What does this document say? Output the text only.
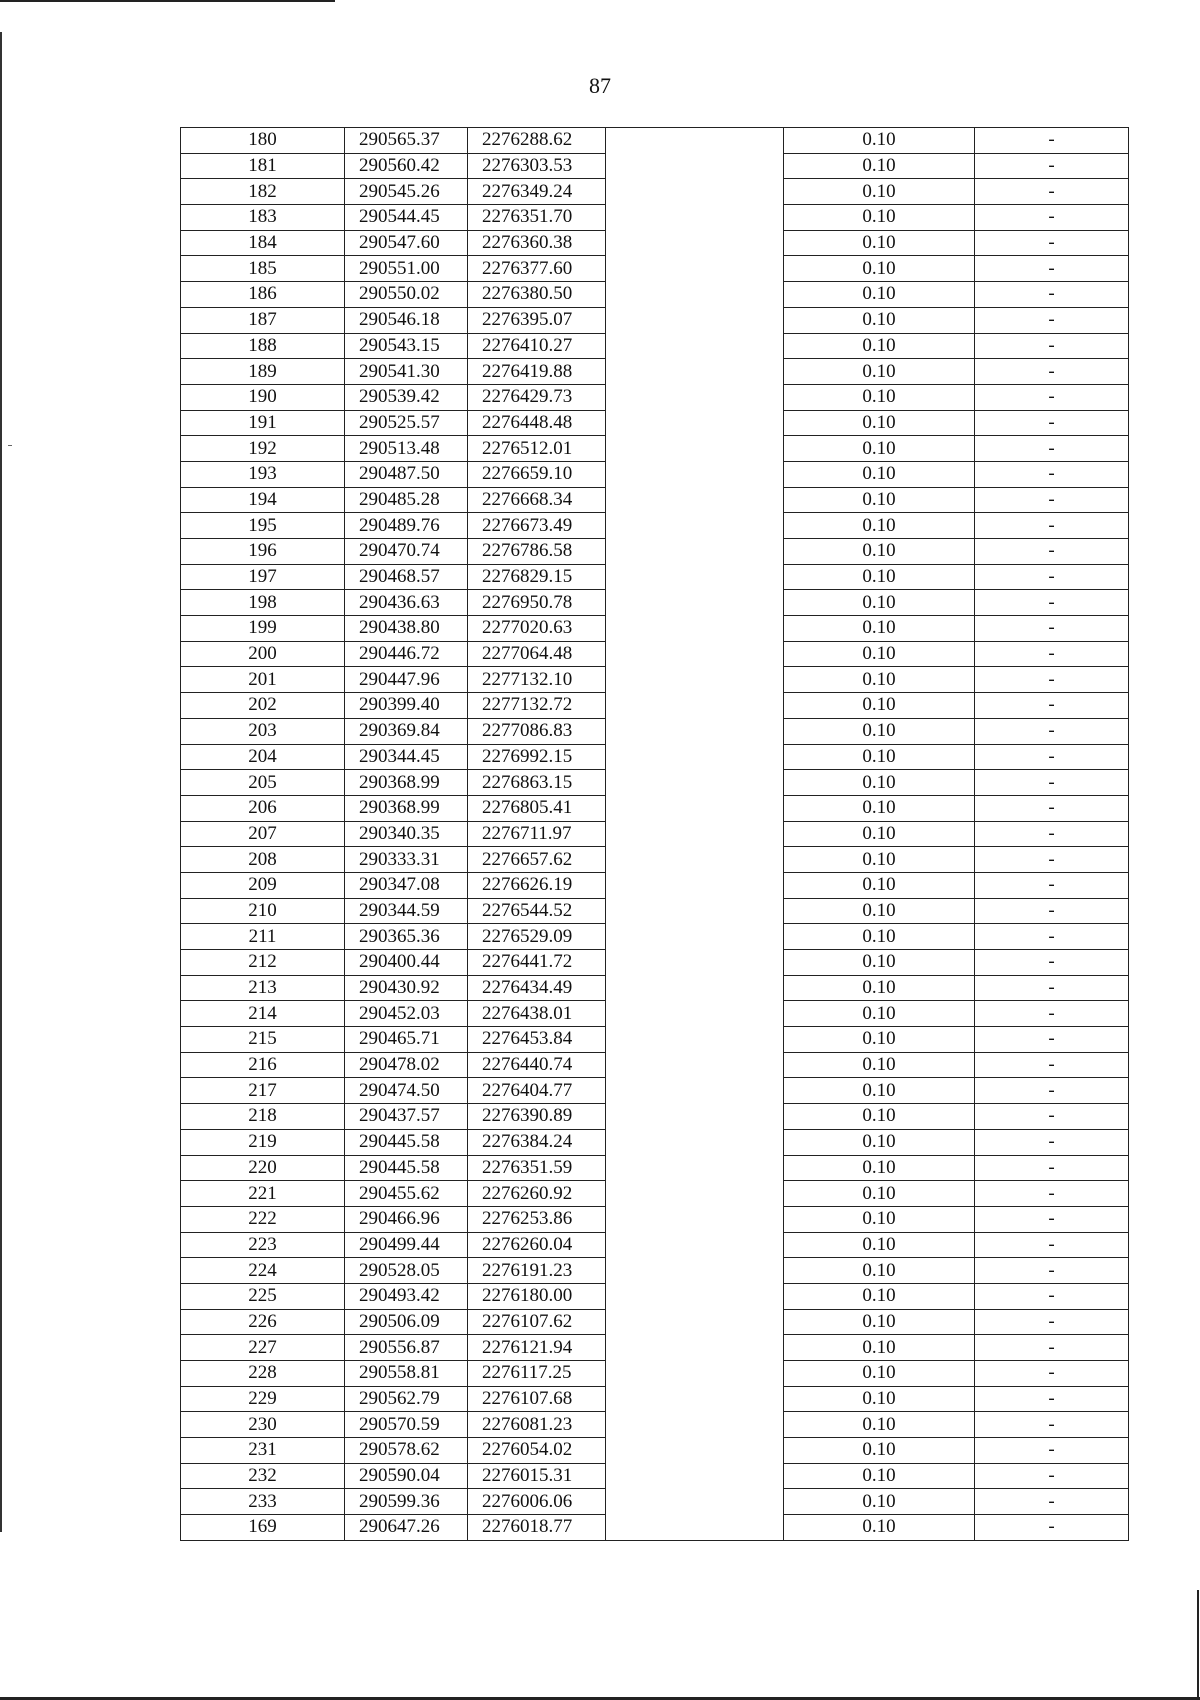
87
180	290565.37	2276288.62		0.10	-
181	290560.42	2276303.53		0.10	-
182	290545.26	2276349.24		0.10	-
183	290544.45	2276351.70		0.10	-
184	290547.60	2276360.38		0.10	-
185	290551.00	2276377.60		0.10	-
186	290550.02	2276380.50		0.10	-
187	290546.18	2276395.07		0.10	-
188	290543.15	2276410.27		0.10	-
189	290541.30	2276419.88		0.10	-
190	290539.42	2276429.73		0.10	-
191	290525.57	2276448.48		0.10	-
192	290513.48	2276512.01		0.10	-
193	290487.50	2276659.10		0.10	-
194	290485.28	2276668.34		0.10	-
195	290489.76	2276673.49		0.10	-
196	290470.74	2276786.58		0.10	-
197	290468.57	2276829.15		0.10	-
198	290436.63	2276950.78		0.10	-
199	290438.80	2277020.63		0.10	-
200	290446.72	2277064.48		0.10	-
201	290447.96	2277132.10		0.10	-
202	290399.40	2277132.72		0.10	-
203	290369.84	2277086.83		0.10	-
204	290344.45	2276992.15		0.10	-
205	290368.99	2276863.15		0.10	-
206	290368.99	2276805.41		0.10	-
207	290340.35	2276711.97		0.10	-
208	290333.31	2276657.62		0.10	-
209	290347.08	2276626.19		0.10	-
210	290344.59	2276544.52		0.10	-
211	290365.36	2276529.09		0.10	-
212	290400.44	2276441.72		0.10	-
213	290430.92	2276434.49		0.10	-
214	290452.03	2276438.01		0.10	-
215	290465.71	2276453.84		0.10	-
216	290478.02	2276440.74		0.10	-
217	290474.50	2276404.77		0.10	-
218	290437.57	2276390.89		0.10	-
219	290445.58	2276384.24		0.10	-
220	290445.58	2276351.59		0.10	-
221	290455.62	2276260.92		0.10	-
222	290466.96	2276253.86		0.10	-
223	290499.44	2276260.04		0.10	-
224	290528.05	2276191.23		0.10	-
225	290493.42	2276180.00		0.10	-
226	290506.09	2276107.62		0.10	-
227	290556.87	2276121.94		0.10	-
228	290558.81	2276117.25		0.10	-
229	290562.79	2276107.68		0.10	-
230	290570.59	2276081.23		0.10	-
231	290578.62	2276054.02		0.10	-
232	290590.04	2276015.31		0.10	-
233	290599.36	2276006.06		0.10	-
169	290647.26	2276018.77		0.10	-
